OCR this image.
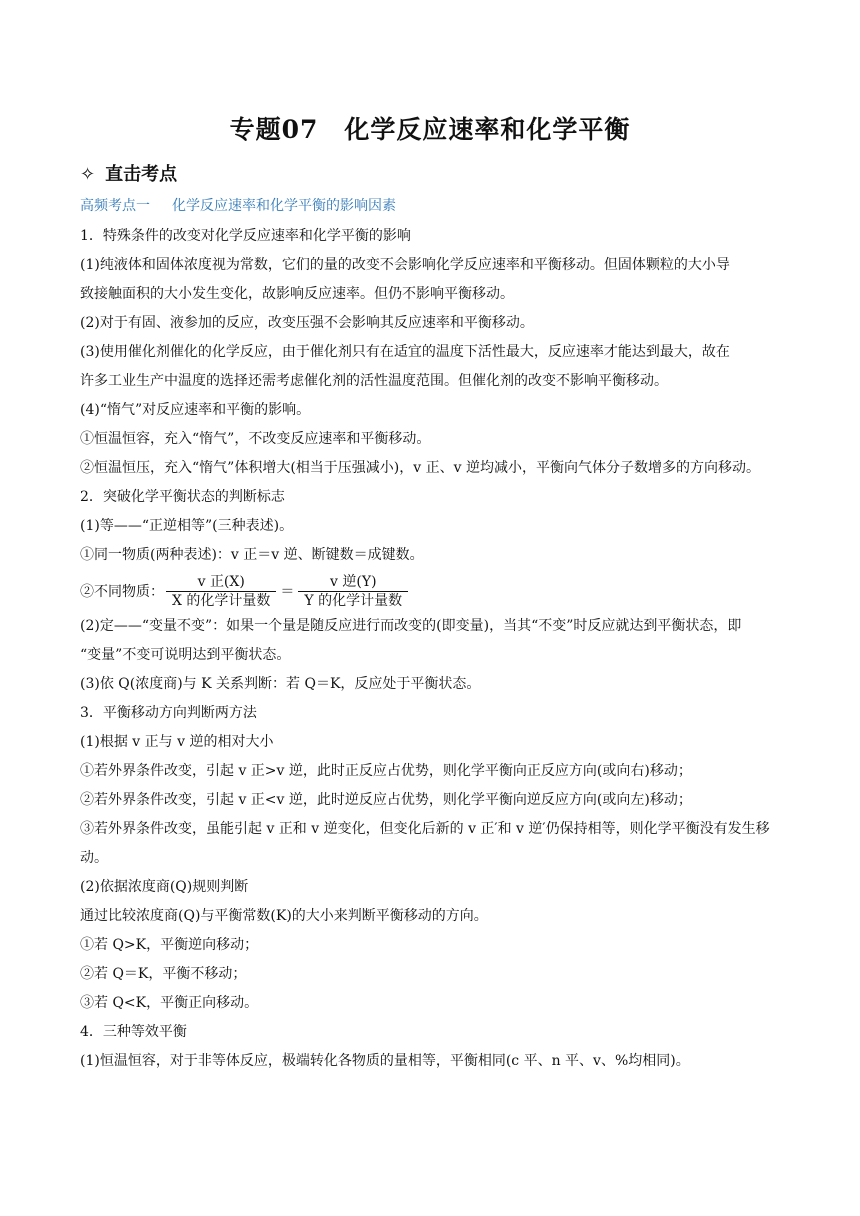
专题07　化学反应速率和化学平衡
✧ 直击考点
高频考点一 化学反应速率和化学平衡的影响因素
1．特殊条件的改变对化学反应速率和化学平衡的影响
(1)纯液体和固体浓度视为常数，它们的量的改变不会影响化学反应速率和平衡移动。但固体颗粒的大小导
致接触面积的大小发生变化，故影响反应速率。但仍不影响平衡移动。
(2)对于有固、液参加的反应，改变压强不会影响其反应速率和平衡移动。
(3)使用催化剂催化的化学反应，由于催化剂只有在适宜的温度下活性最大，反应速率才能达到最大，故在
许多工业生产中温度的选择还需考虑催化剂的活性温度范围。但催化剂的改变不影响平衡移动。
(4)“惰气”对反应速率和平衡的影响。
①恒温恒容，充入“惰气”，不改变反应速率和平衡移动。
②恒温恒压，充入“惰气”体积增大(相当于压强减小)，v 正、v 逆均减小，平衡向气体分子数增多的方向移动。
2．突破化学平衡状态的判断标志
(1)等——“正逆相等”(三种表述)。
①同一物质(两种表述)：v 正＝v 逆、断键数＝成键数。
②不同物质： $\frac{\text{v 正(X)}}{\text{X 的化学计量数}} = \frac{\text{v 逆(Y)}}{\text{Y 的化学计量数}}$
(2)定——“变量不变”：如果一个量是随反应进行而改变的(即变量)，当其“不变”时反应就达到平衡状态，即
“变量”不变可说明达到平衡状态。
(3)依 Q(浓度商)与 K 关系判断：若 Q＝K，反应处于平衡状态。
3．平衡移动方向判断两方法
(1)根据 v 正与 v 逆的相对大小
①若外界条件改变，引起 v 正>v 逆，此时正反应占优势，则化学平衡向正反应方向(或向右)移动；
②若外界条件改变，引起 v 正<v 逆，此时逆反应占优势，则化学平衡向逆反应方向(或向左)移动；
③若外界条件改变，虽能引起 v 正和 v 逆变化，但变化后新的 v 正′和 v 逆′仍保持相等，则化学平衡没有发生移
动。
(2)依据浓度商(Q)规则判断
通过比较浓度商(Q)与平衡常数(K)的大小来判断平衡移动的方向。
①若 Q>K，平衡逆向移动；
②若 Q＝K，平衡不移动；
③若 Q<K，平衡正向移动。
4．三种等效平衡
(1)恒温恒容，对于非等体反应，极端转化各物质的量相等，平衡相同(c 平、n 平、v、%均相同)。
